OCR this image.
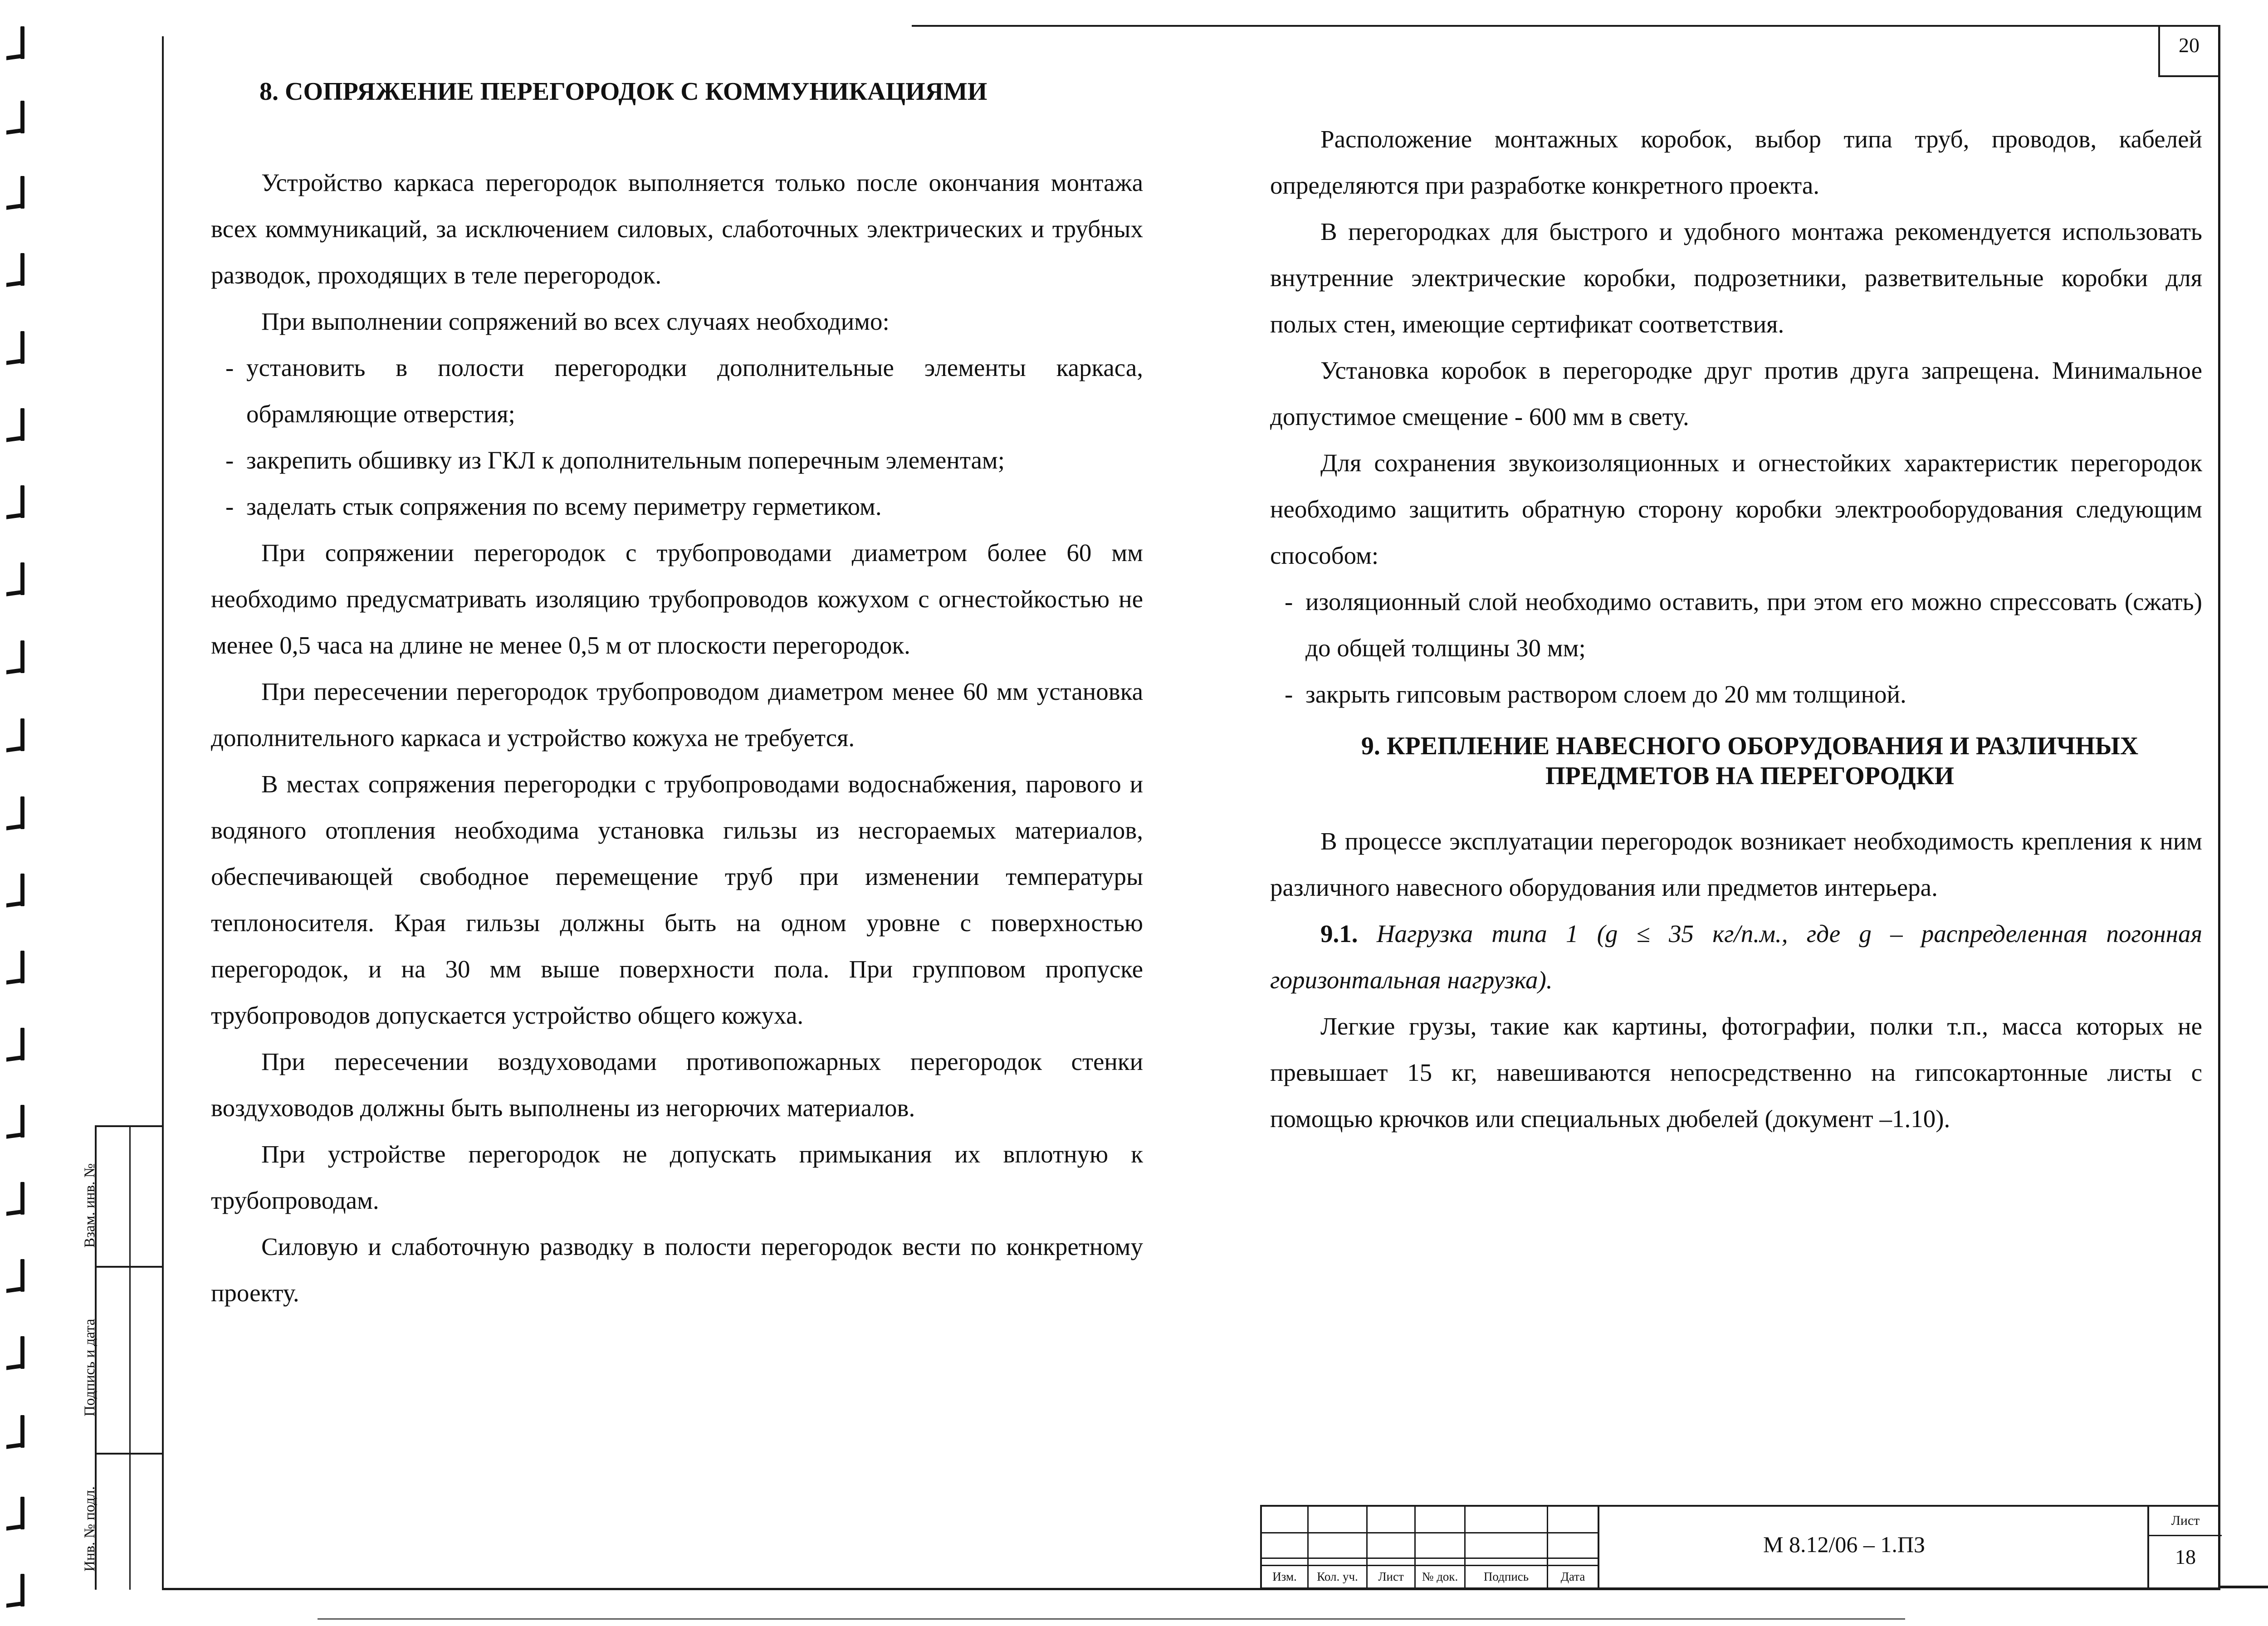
20
8. СОПРЯЖЕНИЕ ПЕРЕГОРОДОК С КОММУНИКАЦИЯМИ

Устройство каркаса перегородок выполняется только после окончания монтажа всех коммуникаций, за исключением силовых, слаботочных электрических и трубных разводок, проходящих в теле перегородок.

При выполнении сопряжений во всех случаях необходимо:

- установить в полости перегородки дополнительные элементы каркаса, обрамляющие отверстия;
- закрепить обшивку из ГКЛ к дополнительным поперечным элементам;
- заделать стык сопряжения по всему периметру герметиком.

При сопряжении перегородок с трубопроводами диаметром более 60 мм необходимо предусматривать изоляцию трубопроводов кожухом с огнестойкостью не менее 0,5 часа на длине не менее 0,5 м от плоскости перегородок.

При пересечении перегородок трубопроводом диаметром менее 60 мм установка дополнительного каркаса и устройство кожуха не требуется.

В местах сопряжения перегородки с трубопроводами водоснабжения, парового и водяного отопления необходима установка гильзы из несгораемых материалов, обеспечивающей свободное перемещение труб при изменении температуры теплоносителя. Края гильзы должны быть на одном уровне с поверхностью перегородок, и на 30 мм выше поверхности пола. При групповом пропуске трубопроводов допускается устройство общего кожуха.

При пересечении воздуховодами противопожарных перегородок стенки воздуховодов должны быть выполнены из негорючих материалов.

При устройстве перегородок не допускать примыкания их вплотную к трубопроводам.

Силовую и слаботочную разводку в полости перегородок вести по конкретному проекту.

Расположение монтажных коробок, выбор типа труб, проводов, кабелей определяются при разработке конкретного проекта.

В перегородках для быстрого и удобного монтажа рекомендуется использовать внутренние электрические коробки, подрозетники, разветвительные коробки для полых стен, имеющие сертификат соответствия.

Установка коробок в перегородке друг против друга запрещена. Минимальное допустимое смещение - 600 мм в свету.

Для сохранения звукоизоляционных и огнестойких характеристик перегородок необходимо защитить обратную сторону коробки электрооборудования следующим способом:

- изоляционный слой необходимо оставить, при этом его можно спрессовать (сжать) до общей толщины 30 мм;
- закрыть гипсовым раствором слоем до 20 мм толщиной.
9. КРЕПЛЕНИЕ НАВЕСНОГО ОБОРУДОВАНИЯ И РАЗЛИЧНЫХ
ПРЕДМЕТОВ НА ПЕРЕГОРОДКИ

В процессе эксплуатации перегородок возникает необходимость крепления к ним различного навесного оборудования или предметов интерьера.

9.1. Нагрузка типа 1 (g ≤ 35 кг/п.м., где g – распределенная погонная горизонтальная нагрузка).

Легкие грузы, такие как картины, фотографии, полки т.п., масса которых не превышает 15 кг, навешиваются непосредственно на гипсокартонные листы с помощью крючков или специальных дюбелей (документ –1.10).

Взам. инв. №
Подпись и дата
Инв. № подл.
Изм.	Кол. уч.	Лист	№ док.	Подпись	Дата
М 8.12/06 – 1.ПЗ
Лист
18
